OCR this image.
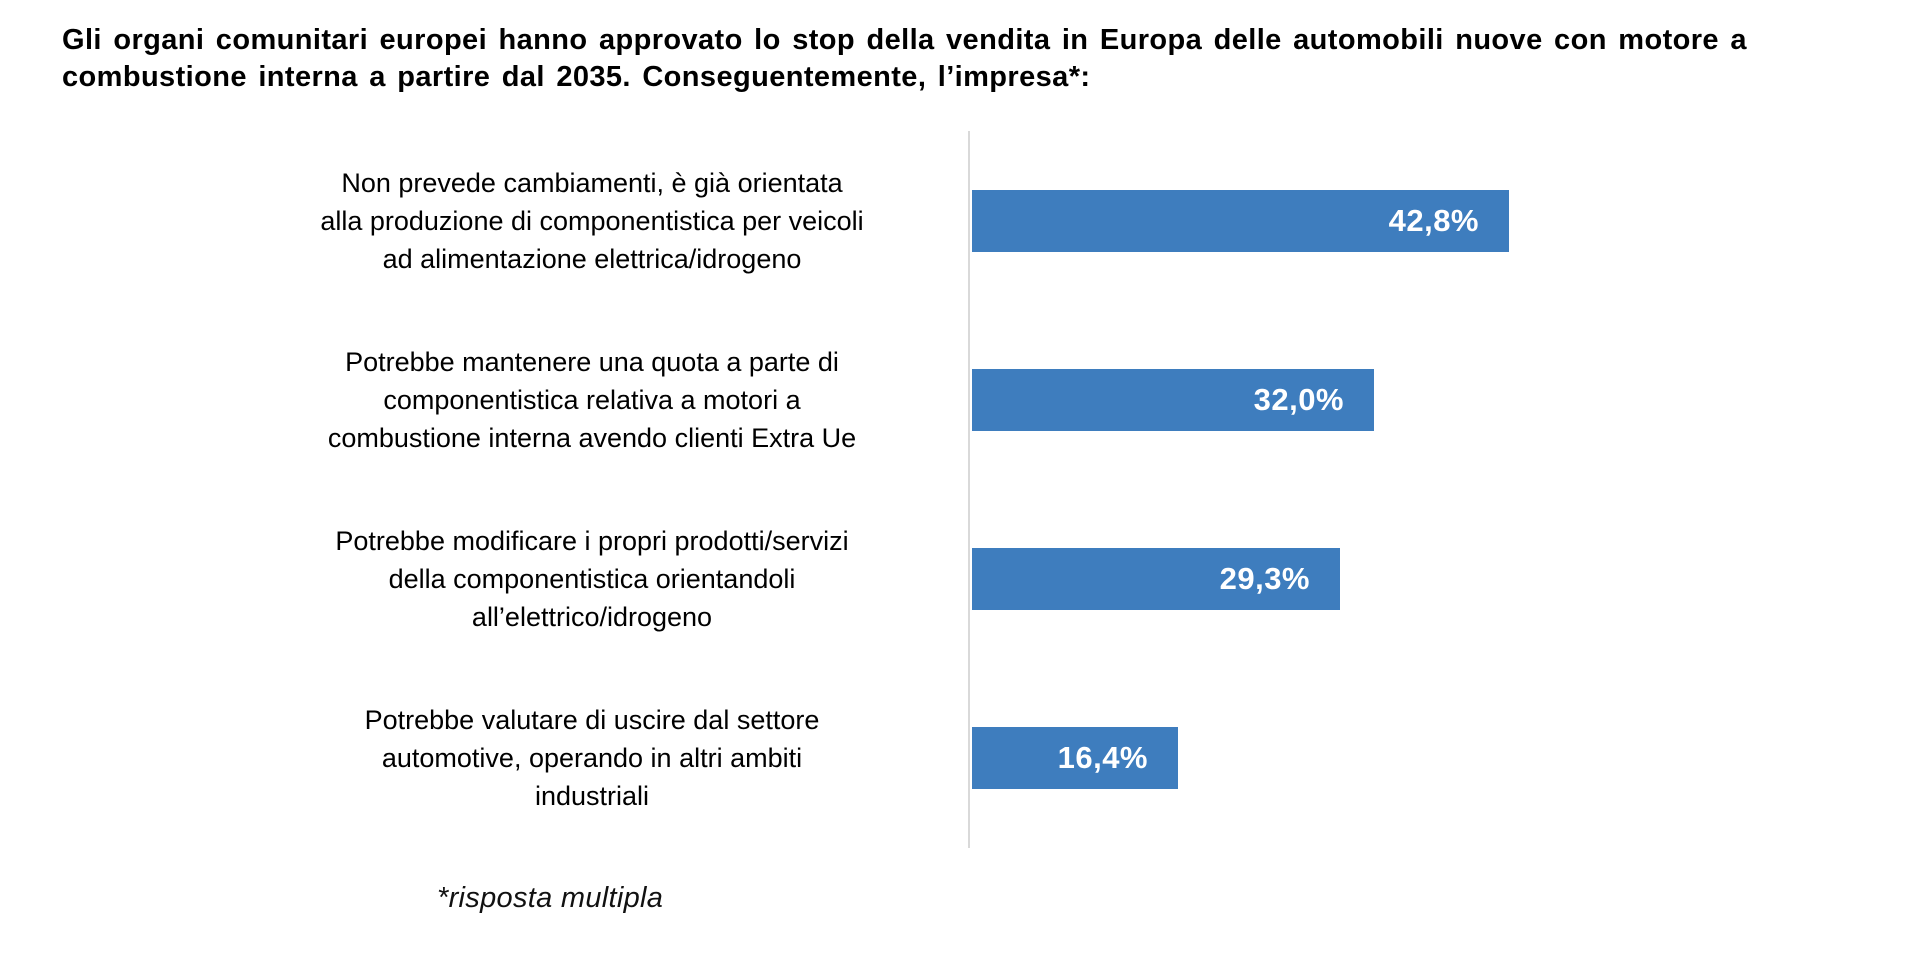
Gli organi comunitari europei hanno approvato lo stop della vendita in Europa delle automobili nuove con motore a
combustione interna a partire dal 2035. Conseguentemente, l’impresa*:
Non prevede cambiamenti, è già orientata
alla produzione di componentistica per veicoli
ad alimentazione elettrica/idrogeno
42,8%
Potrebbe mantenere una quota a parte di
componentistica relativa a motori a
combustione interna avendo clienti Extra Ue
32,0%
Potrebbe modificare i propri prodotti/servizi
della componentistica orientandoli
all’elettrico/idrogeno
29,3%
Potrebbe valutare di uscire dal settore
automotive, operando in altri ambiti
industriali
16,4%
*risposta multipla
